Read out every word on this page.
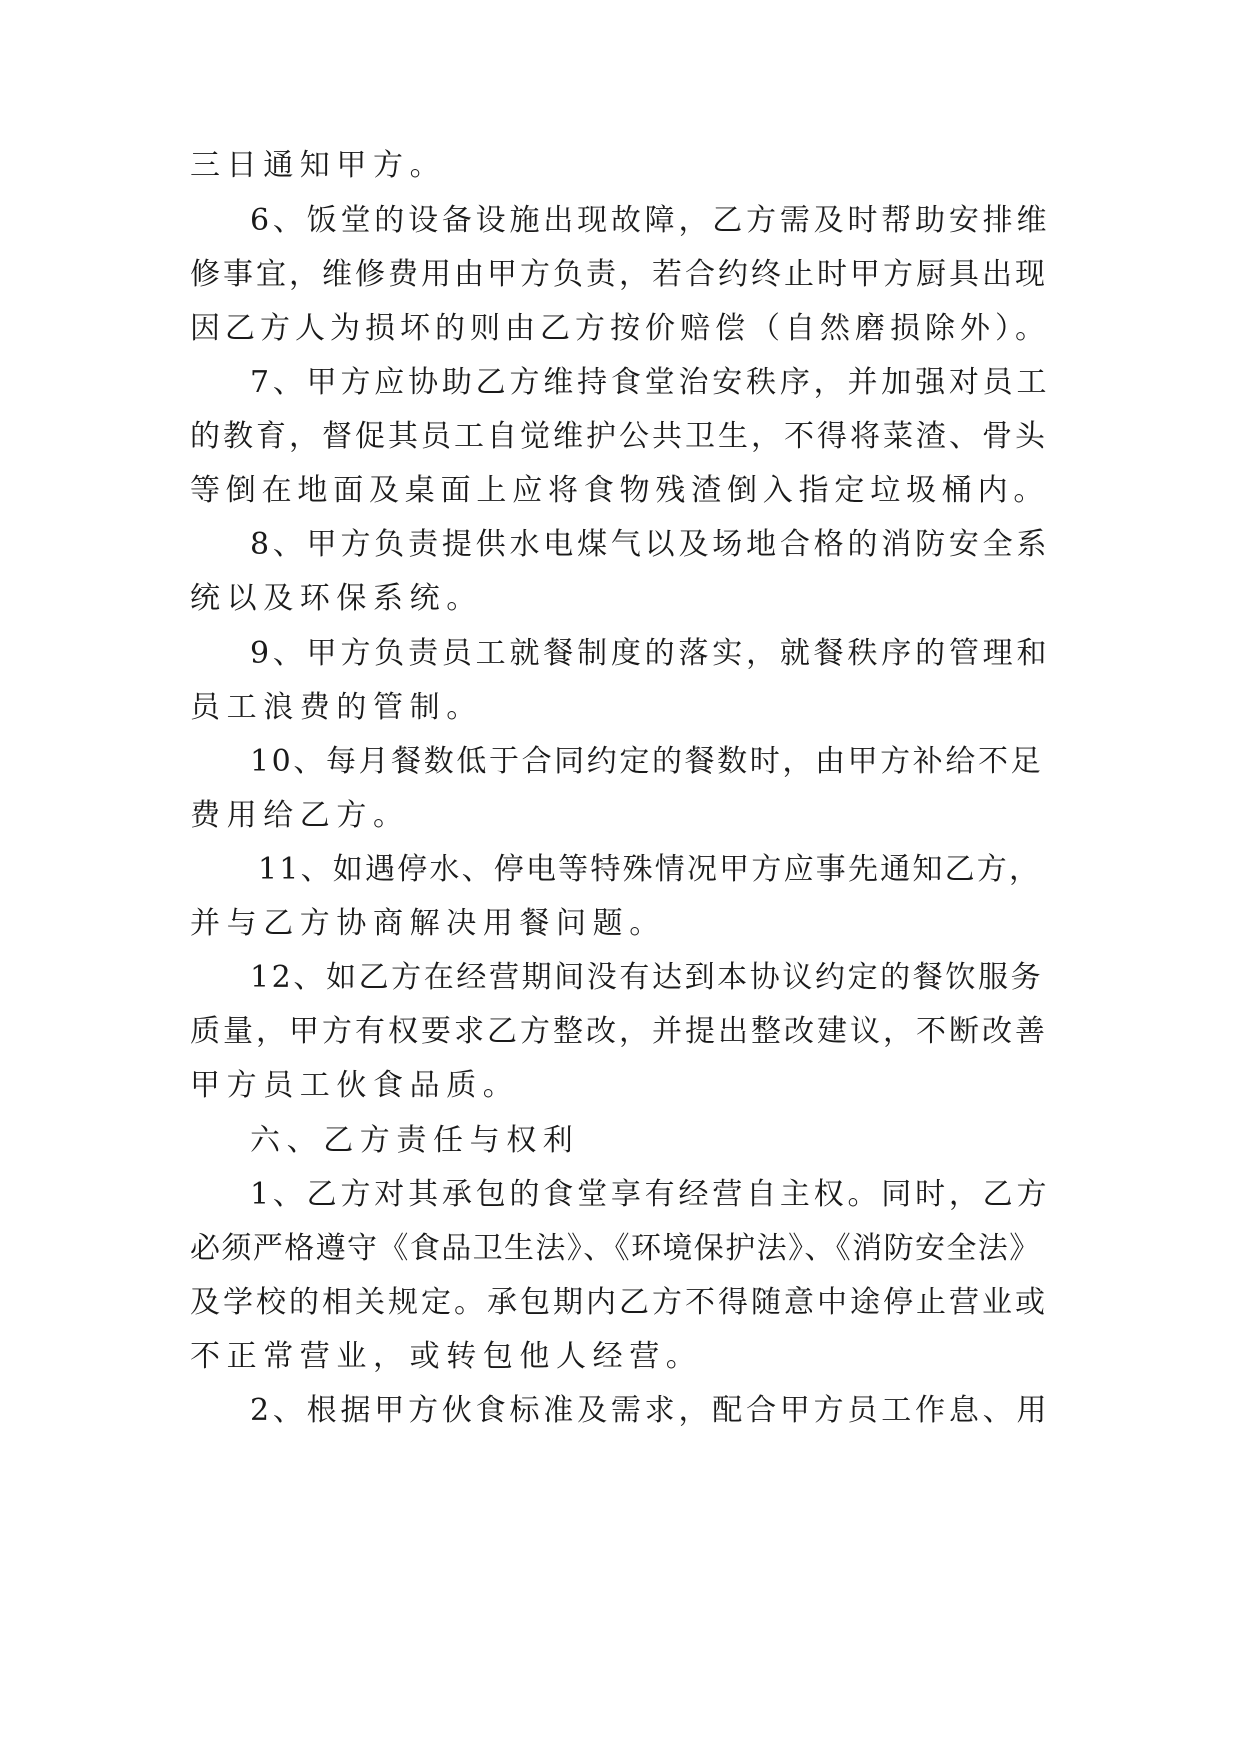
三日通知甲方。
6、饭堂的设备设施出现故障，乙方需及时帮助安排维
修事宜，维修费用由甲方负责，若合约终止时甲方厨具出现
因乙方人为损坏的则由乙方按价赔偿（自然磨损除外）。
7、甲方应协助乙方维持食堂治安秩序，并加强对员工
的教育，督促其员工自觉维护公共卫生，不得将菜渣、骨头
等倒在地面及桌面上应将食物残渣倒入指定垃圾桶内。
8、甲方负责提供水电煤气以及场地合格的消防安全系
统以及环保系统。
9、甲方负责员工就餐制度的落实，就餐秩序的管理和
员工浪费的管制。
10、每月餐数低于合同约定的餐数时，由甲方补给不足
费用给乙方。
11、如遇停水、停电等特殊情况甲方应事先通知乙方，
并与乙方协商解决用餐问题。
12、如乙方在经营期间没有达到本协议约定的餐饮服务
质量，甲方有权要求乙方整改，并提出整改建议，不断改善
甲方员工伙食品质。
六、乙方责任与权利
1、乙方对其承包的食堂享有经营自主权。同时，乙方
必须严格遵守《食品卫生法》、《环境保护法》、《消防安全法》
及学校的相关规定。承包期内乙方不得随意中途停止营业或
不正常营业，或转包他人经营。
2、根据甲方伙食标准及需求，配合甲方员工作息、用
